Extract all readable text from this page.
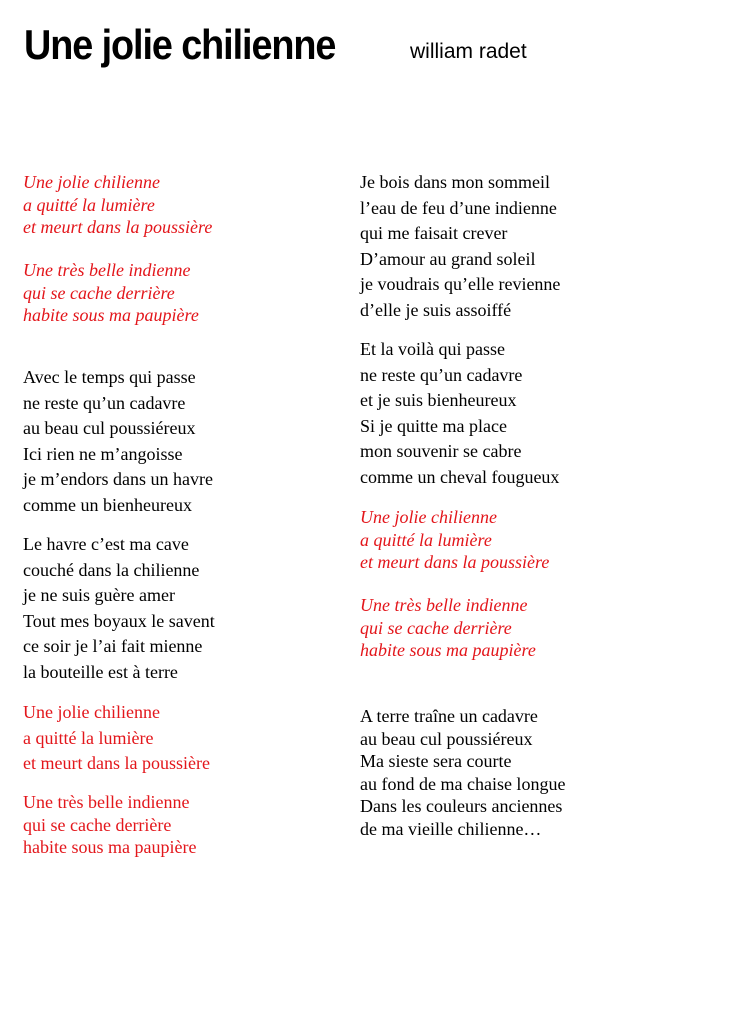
Une jolie chilienne	william radet
Une jolie chilienne
a quitté la lumière
et meurt dans la poussière
Une très belle indienne
qui se cache derrière
habite sous ma paupière
Avec le temps qui passe
ne reste qu’un cadavre
au beau cul poussiéreux
Ici rien ne m’angoisse
je m’endors dans un havre
comme un bienheureux
Le havre c’est ma cave
couché dans la chilienne
je ne suis guère amer
Tout mes boyaux le savent
ce soir je l’ai fait mienne
la bouteille est à terre
Une jolie chilienne
a quitté la lumière
et meurt dans la poussière
Une très belle indienne
qui se cache derrière
habite sous ma paupière
Je bois dans mon sommeil
l’eau de feu d’une indienne
qui me faisait crever
D’amour au grand soleil
je voudrais qu’elle revienne
d’elle je suis assoiffé
Et la voilà qui passe
ne reste qu’un cadavre
et je suis bienheureux
Si je quitte ma place
mon souvenir se cabre
comme un cheval fougueux
Une jolie chilienne
a quitté la lumière
et meurt dans la poussière
Une très belle indienne
qui se cache derrière
habite sous ma paupière
A terre traîne un cadavre
au beau cul poussiéreux
Ma sieste sera courte
au fond de ma chaise longue
Dans les couleurs anciennes
de ma vieille chilienne…
